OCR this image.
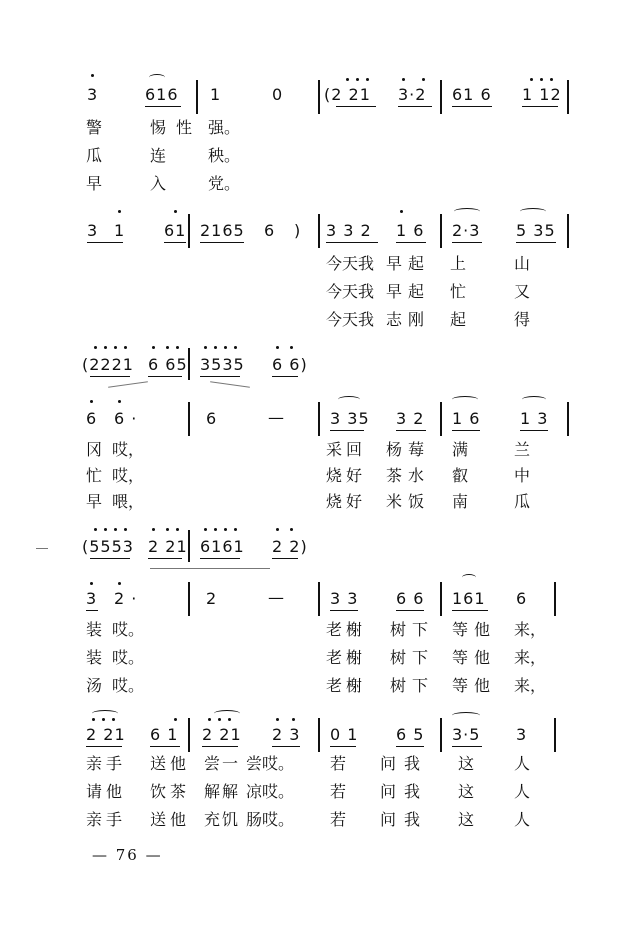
3	616 1	0	(2 21 3·2 61 6 1 12
警	惕性 强。
瓜	连	秧。
早	入	党。
3 1 61 2165 6 ) 3 3 2 1 6 2·3 5 35
今天我 早起 上	山
今天我 早起 忙	又
今天我 志刚 起	得
(2221 6 65 3535 6 6)
6 6 ·	6	—	3 35 3 2 1 6 1 3
冈 哎，	采回 杨莓 满	兰
忙 哎，	烧好 茶水 叡	中
早 喂，	烧好 米饭 南	瓜
(5553 2 21 6161 2 2)
3 2 ·	2	—	3 3 6 6 161 6
装 哎。	老榭 树下 等他 来，
装 哎。	老榭 树下 等他 来，
汤 哎。	老榭 树下 等他 来，
2 21 6 1 2 21 2 3 0 1 6 5 3·5 3
亲手 送他 尝一 尝哎。 若 问我 这 人
请他 饮茶 解解 凉哎。 若 问我 这 人
亲手 送他 充饥 肠哎。 若 问我 这 人
— 76 —
